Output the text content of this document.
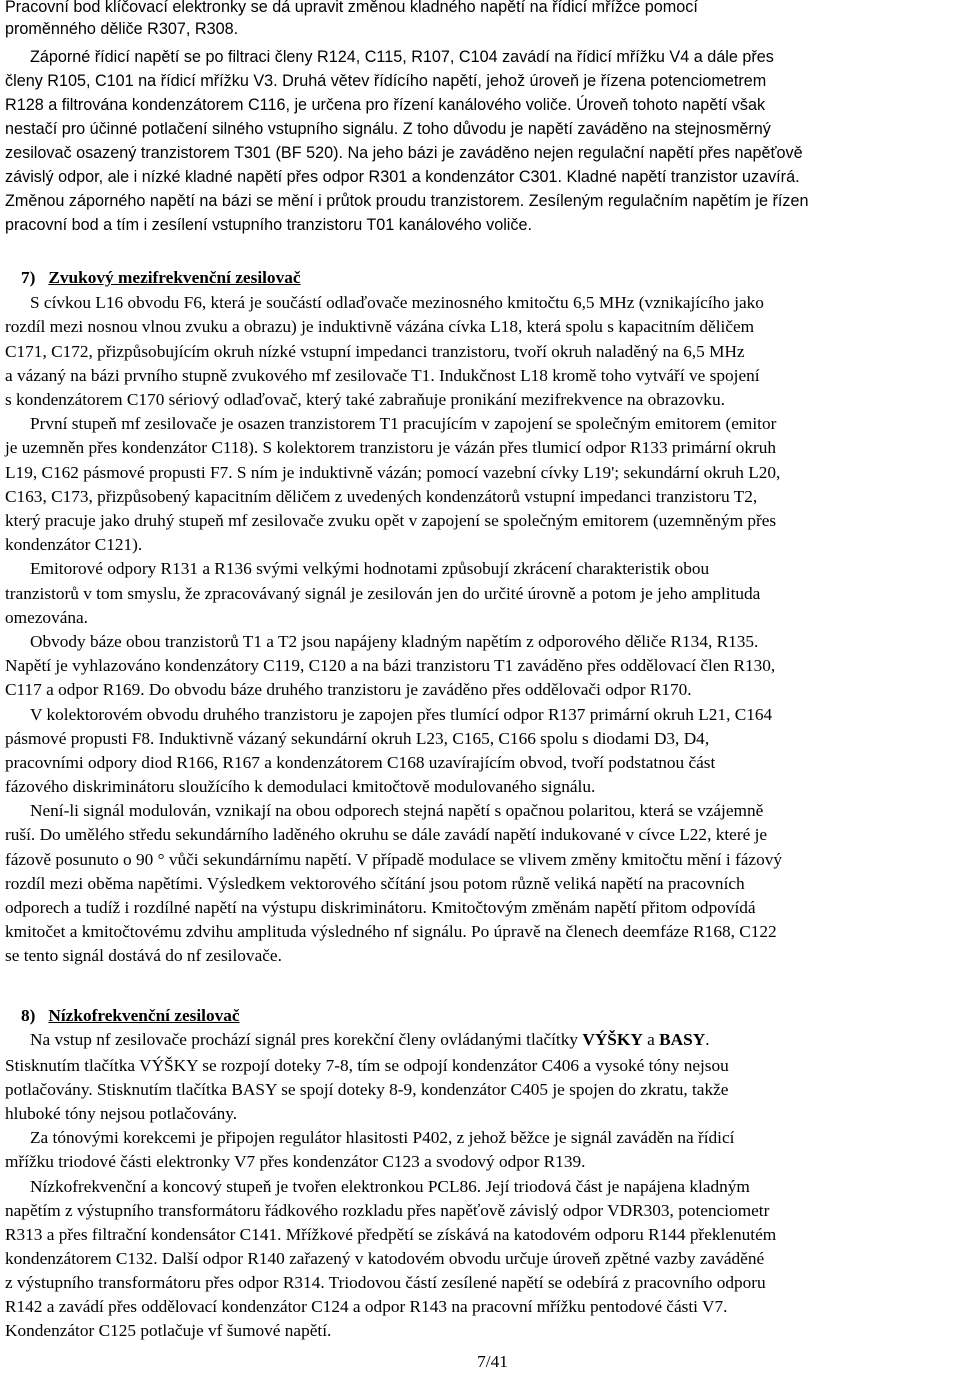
Pracovní bod klíčovací elektronky se dá upravit změnou kladného napětí na řídicí mřížce pomocí
proměnného děliče R307, R308.
Záporné řídicí napětí se po filtraci členy R124, C115, R107, C104 zavádí na řídicí mřížku V4 a dále přes
členy R105, C101 na řídicí mřížku V3. Druhá větev řídícího napětí, jehož úroveň je řízena potenciometrem
R128 a filtrována kondenzátorem C116, je určena pro řízení kanálového voliče. Úroveň tohoto napětí však
nestačí pro účinné potlačení silného vstupního signálu. Z toho důvodu je napětí zaváděno na stejnosměrný
zesilovač osazený tranzistorem T301 (BF 520). Na jeho bázi je zaváděno nejen regulační napětí přes napěťově
závislý odpor, ale i nízké kladné napětí přes odpor R301 a kondenzátor C301. Kladné napětí tranzistor uzavírá.
Změnou záporného napětí na bázi se mění i průtok proudu tranzistorem. Zesíleným regulačním napětím je řízen
pracovní bod a tím i zesílení vstupního tranzistoru T01 kanálového voliče.
S cívkou L16 obvodu F6, která je součástí odlaďovače mezinosného kmitočtu 6,5 MHz (vznikajícího jako
rozdíl mezi nosnou vlnou zvuku a obrazu) je induktivně vázána cívka L18, která spolu s kapacitním děličem
C171, C172, přizpůsobujícím okruh nízké vstupní impedanci tranzistoru, tvoří okruh naladěný na 6,5 MHz
a vázaný na bázi prvního stupně zvukového mf zesilovače T1. Indukčnost L18 kromě toho vytváří ve spojení
s kondenzátorem C170 sériový odlaďovač, který také zabraňuje pronikání mezifrekvence na obrazovku.
První stupeň mf zesilovače je osazen tranzistorem T1 pracujícím v zapojení se společným emitorem (emitor
je uzemněn přes kondenzátor C118). S kolektorem tranzistoru je vázán přes tlumicí odpor R133 primární okruh
L19, C162 pásmové propusti F7. S ním je induktivně vázán; pomocí vazební cívky L19'; sekundární okruh L20,
C163, C173, přizpůsobený kapacitním děličem z uvedených kondenzátorů vstupní impedanci tranzistoru T2,
který pracuje jako druhý stupeň mf zesilovače zvuku opět v zapojení se společným emitorem (uzemněným přes
kondenzátor C121).
Emitorové odpory R131 a R136 svými velkými hodnotami způsobují zkrácení charakteristik obou
tranzistorů v tom smyslu, že zpracovávaný signál je zesilován jen do určité úrovně a potom je jeho amplituda
omezována.
Obvody báze obou tranzistorů T1 a T2 jsou napájeny kladným napětím z odporového děliče R134, R135.
Napětí je vyhlazováno kondenzátory C119, C120 a na bázi tranzistoru T1 zaváděno přes oddělovací člen R130,
C117 a odpor R169. Do obvodu báze druhého tranzistoru je zaváděno přes oddělovači odpor R170.
V kolektorovém obvodu druhého tranzistoru je zapojen přes tlumící odpor R137 primární okruh L21, C164
pásmové propusti F8. Induktivně vázaný sekundární okruh L23, C165, C166 spolu s diodami D3, D4,
pracovními odpory diod R166, R167 a kondenzátorem C168 uzavírajícím obvod, tvoří podstatnou část
fázového diskriminátoru sloužícího k demodulaci kmitočtově modulovaného signálu.
Není-li signál modulován, vznikají na obou odporech stejná napětí s opačnou polaritou, která se vzájemně
ruší. Do umělého středu sekundárního laděného okruhu se dále zavádí napětí indukované v cívce L22, které je
fázově posunuto o 90 ° vůči sekundárnímu napětí. V případě modulace se vlivem změny kmitočtu mění i fázový
rozdíl mezi oběma napětími. Výsledkem vektorového sčítání jsou potom různě veliká napětí na pracovních
odporech a tudíž i rozdílné napětí na výstupu diskriminátoru. Kmitočtovým změnám napětí přitom odpovídá
kmitočet a kmitočtovému zdvihu amplituda výsledného nf signálu. Po úpravě na členech deemfáze R168, C122
se tento signál dostává do nf zesilovače.
Stisknutím tlačítka VÝŠKY se rozpojí doteky 7-8, tím se odpojí kondenzátor C406 a vysoké tóny nejsou
potlačovány. Stisknutím tlačítka BASY se spojí doteky 8-9, kondenzátor C405 je spojen do zkratu, takže
hluboké tóny nejsou potlačovány.
Za tónovými korekcemi je připojen regulátor hlasitosti P402, z jehož běžce je signál zaváděn na řídicí
mřížku triodové části elektronky V7 přes kondenzátor C123 a svodový odpor R139.
Nízkofrekvenční a koncový stupeň je tvořen elektronkou PCL86. Její triodová část je napájena kladným
napětím z výstupního transformátoru řádkového rozkladu přes napěťově závislý odpor VDR303, potenciometr
R313 a přes filtrační kondensátor C141. Mřížkové předpětí se získává na katodovém odporu R144 překlenutém
kondenzátorem C132. Další odpor R140 zařazený v katodovém obvodu určuje úroveň zpětné vazby zaváděné
z výstupního transformátoru přes odpor R314. Triodovou částí zesílené napětí se odebírá z pracovního odporu
R142 a zavádí přes oddělovací kondenzátor C124 a odpor R143 na pracovní mřížku pentodové části V7.
Kondenzátor C125 potlačuje vf šumové napětí.
7) Zvukový mezifrekvenční zesilovač
8) Nízkofrekvenční zesilovač
Na vstup nf zesilovače prochází signál pres korekční členy ovládanými tlačítky VÝŠKY a BASY.
7/41
